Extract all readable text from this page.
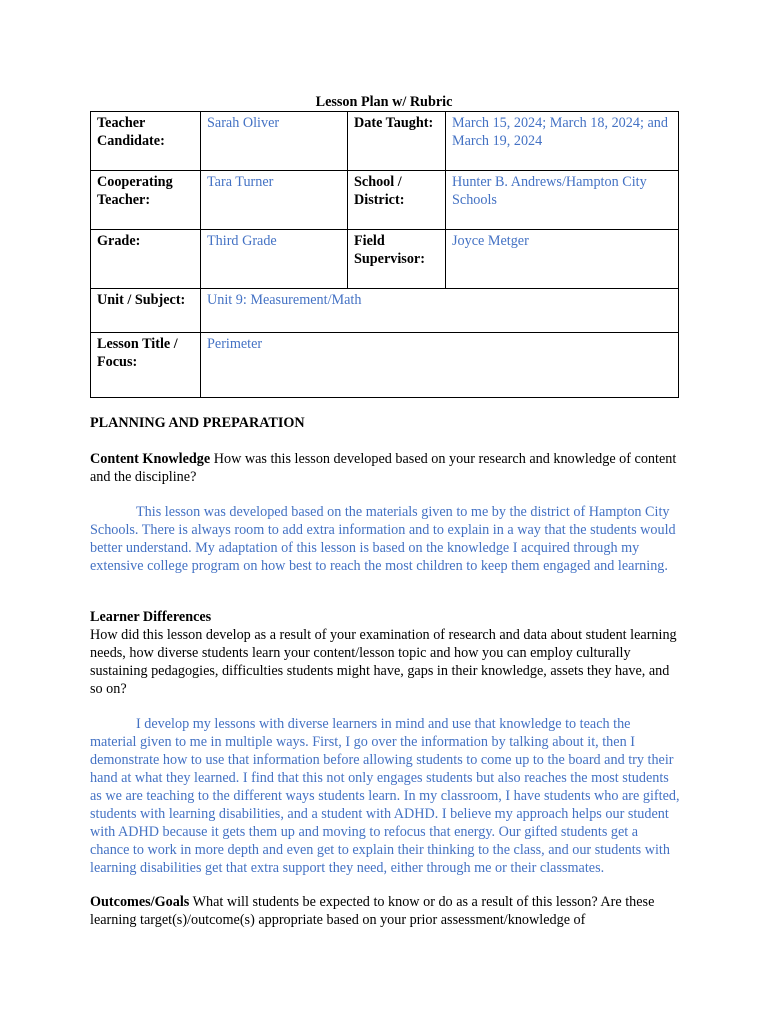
Lesson Plan w/ Rubric
Teacher Candidate:	Sarah Oliver	Date Taught:	March 15, 2024; March 18, 2024; and March 19, 2024
Cooperating Teacher:	Tara Turner	School / District:	Hunter B. Andrews/Hampton City Schools
Grade:	Third Grade	Field Supervisor:	Joyce Metger
Unit / Subject:	Unit 9: Measurement/Math		
Lesson Title / Focus:	Perimeter		
PLANNING AND PREPARATION
Content Knowledge How was this lesson developed based on your research and knowledge of content and the discipline?
This lesson was developed based on the materials given to me by the district of Hampton City Schools. There is always room to add extra information and to explain in a way that the students would better understand. My adaptation of this lesson is based on the knowledge I acquired through my extensive college program on how best to reach the most children to keep them engaged and learning.
Learner Differences
How did this lesson develop as a result of your examination of research and data about student learning needs, how diverse students learn your content/lesson topic and how you can employ culturally sustaining pedagogies, difficulties students might have, gaps in their knowledge, assets they have, and so on?
I develop my lessons with diverse learners in mind and use that knowledge to teach the material given to me in multiple ways. First, I go over the information by talking about it, then I demonstrate how to use that information before allowing students to come up to the board and try their hand at what they learned. I find that this not only engages students but also reaches the most students as we are teaching to the different ways students learn. In my classroom, I have students who are gifted, students with learning disabilities, and a student with ADHD. I believe my approach helps our student with ADHD because it gets them up and moving to refocus that energy. Our gifted students get a chance to work in more depth and even get to explain their thinking to the class, and our students with learning disabilities get that extra support they need, either through me or their classmates.
Outcomes/Goals What will students be expected to know or do as a result of this lesson? Are these learning target(s)/outcome(s) appropriate based on your prior assessment/knowledge of
